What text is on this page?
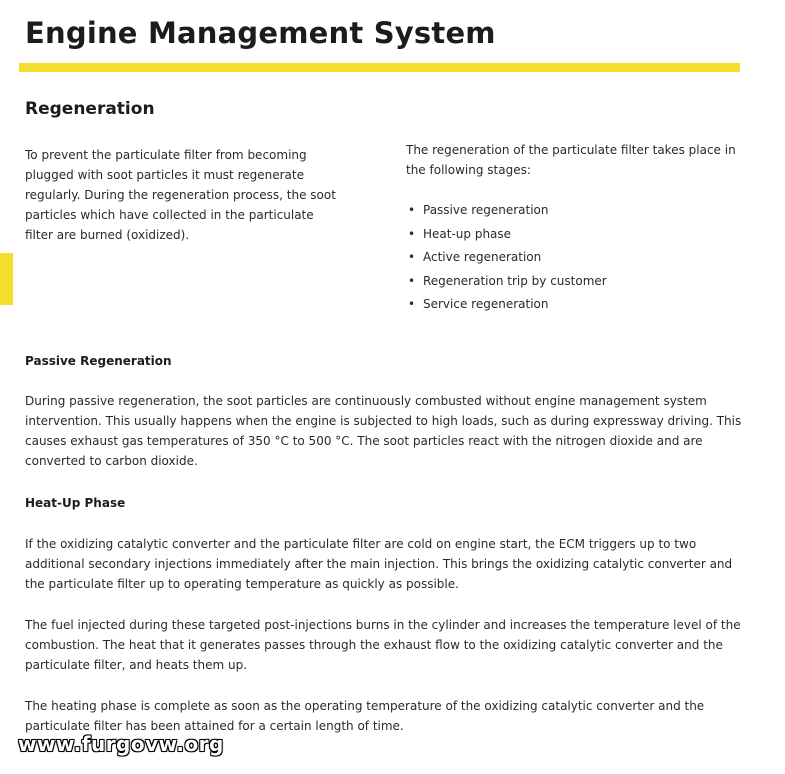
Engine Management System
Regeneration

To prevent the particulate filter from becoming plugged with soot particles it must regenerate regularly. During the regeneration process, the soot particles which have collected in the particulate filter are burned (oxidized).

The regeneration of the particulate filter takes place in the following stages:

• Passive regeneration
• Heat-up phase
• Active regeneration
• Regeneration trip by customer
• Service regeneration
Passive Regeneration

During passive regeneration, the soot particles are continuously combusted without engine management system intervention. This usually happens when the engine is subjected to high loads, such as during expressway driving. This causes exhaust gas temperatures of 350 °C to 500 °C. The soot particles react with the nitrogen dioxide and are converted to carbon dioxide.

Heat-Up Phase

If the oxidizing catalytic converter and the particulate filter are cold on engine start, the ECM triggers up to two additional secondary injections immediately after the main injection. This brings the oxidizing catalytic converter and the particulate filter up to operating temperature as quickly as possible.

The fuel injected during these targeted post-injections burns in the cylinder and increases the temperature level of the combustion. The heat that it generates passes through the exhaust flow to the oxidizing catalytic converter and the particulate filter, and heats them up.

The heating phase is complete as soon as the operating temperature of the oxidizing catalytic converter and the particulate filter has been attained for a certain length of time.

www.furgovw.org
